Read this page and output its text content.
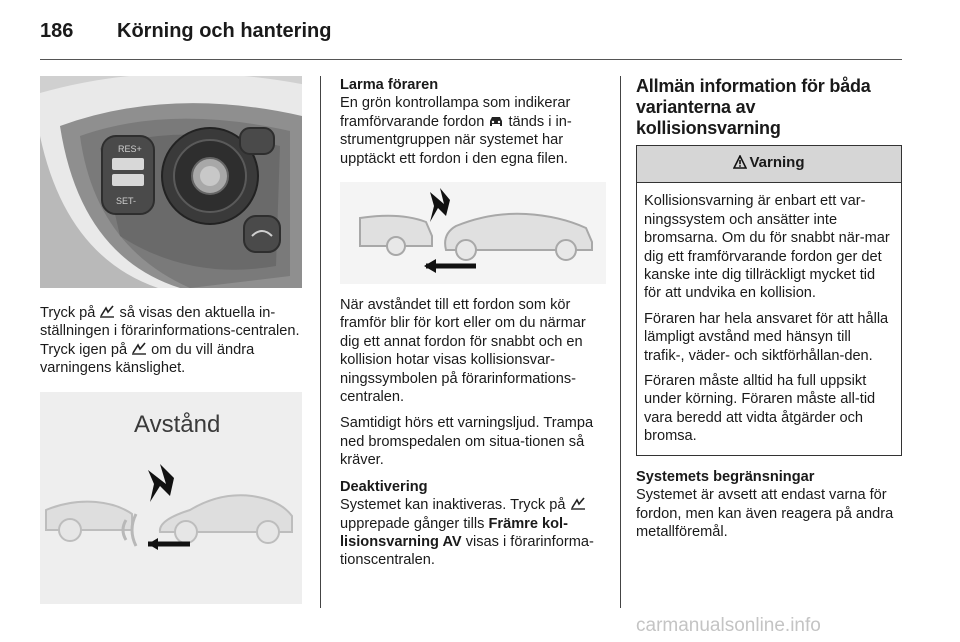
186 Körning och hantering
RES+
SET-

Tryck på  så visas den aktuella in-ställningen i förarinformations-centralen. Tryck igen på  om du vill ändra varningens känslighet.

Avstånd
Larma föraren

En grön kontrollampa som indikerar framförvarande fordon  tänds i in-strumentgruppen när systemet har upptäckt ett fordon i den egna filen.

När avståndet till ett fordon som kör framför blir för kort eller om du närmar dig ett annat fordon för snabbt och en kollision hotar visas kollisionsvar-ningssymbolen på förarinformations-centralen.

Samtidigt hörs ett varningsljud. Trampa ned bromspedalen om situa-tionen så kräver.

Deaktivering

Systemet kan inaktiveras. Tryck på  upprepade gånger tills Främre kol-lisionsvarning AV visas i förarinforma-tionscentralen.

Allmän information för båda varianterna av kollisionsvarning
Varning

Kollisionsvarning är enbart ett var-ningssystem och ansätter inte bromsarna. Om du för snabbt när-mar dig ett framförvarande fordon ger det kanske inte dig tillräckligt mycket tid för att undvika en kollision.

Föraren har hela ansvaret för att hålla lämpligt avstånd med hänsyn till trafik-, väder- och siktförhållan-den.

Föraren måste alltid ha full uppsikt under körning. Föraren måste all-tid vara beredd att vidta åtgärder och bromsa.

Systemets begränsningar

Systemet är avsett att endast varna för fordon, men kan även reagera på andra metallföremål.

carmanualsonline.info
